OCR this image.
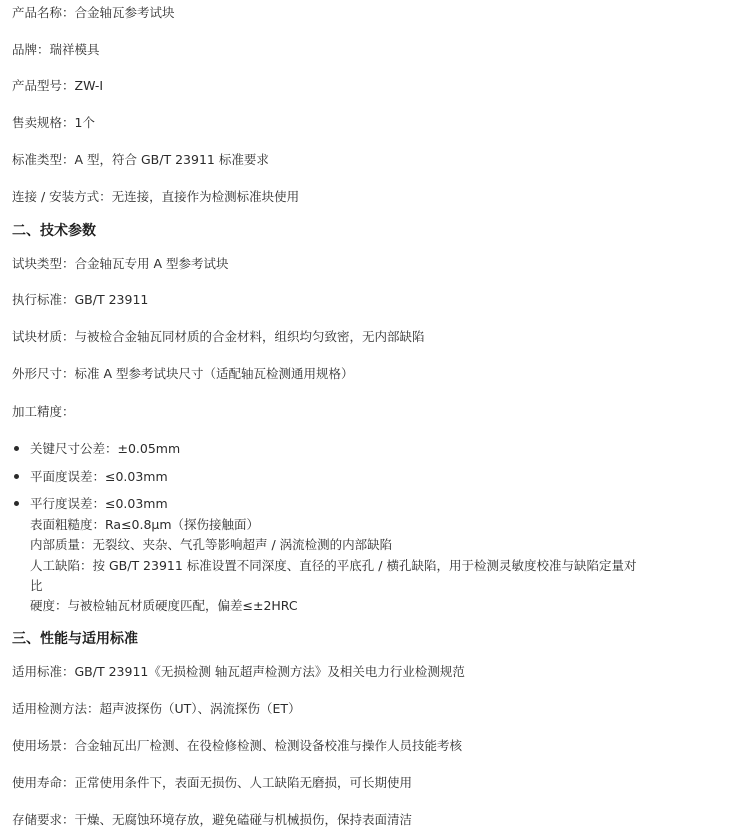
产品名称：合金轴瓦参考试块

品牌：瑞祥模具

产品型号：ZW-Ⅰ

售卖规格：1个

标准类型：A 型，符合 GB/T 23911 标准要求

连接 / 安装方式：无连接，直接作为检测标准块使用

二、技术参数

试块类型：合金轴瓦专用 A 型参考试块

执行标准：GB/T 23911

试块材质：与被检合金轴瓦同材质的合金材料，组织均匀致密，无内部缺陷

外形尺寸：标准 A 型参考试块尺寸（适配轴瓦检测通用规格）

加工精度：

关键尺寸公差：±0.05mm
平面度误差：≤0.03mm
平行度误差：≤0.03mm
表面粗糙度：Ra≤0.8μm（探伤接触面）
内部质量：无裂纹、夹杂、气孔等影响超声 / 涡流检测的内部缺陷
人工缺陷：按 GB/T 23911 标准设置不同深度、直径的平底孔 / 横孔缺陷，用于检测灵敏度校准与缺陷定量对
比
硬度：与被检轴瓦材质硬度匹配，偏差≤±2HRC
三、性能与适用标准

适用标准：GB/T 23911《无损检测 轴瓦超声检测方法》及相关电力行业检测规范

适用检测方法：超声波探伤（UT）、涡流探伤（ET）

使用场景：合金轴瓦出厂检测、在役检修检测、检测设备校准与操作人员技能考核

使用寿命：正常使用条件下，表面无损伤、人工缺陷无磨损，可长期使用

存储要求：干燥、无腐蚀环境存放，避免磕碰与机械损伤，保持表面清洁
